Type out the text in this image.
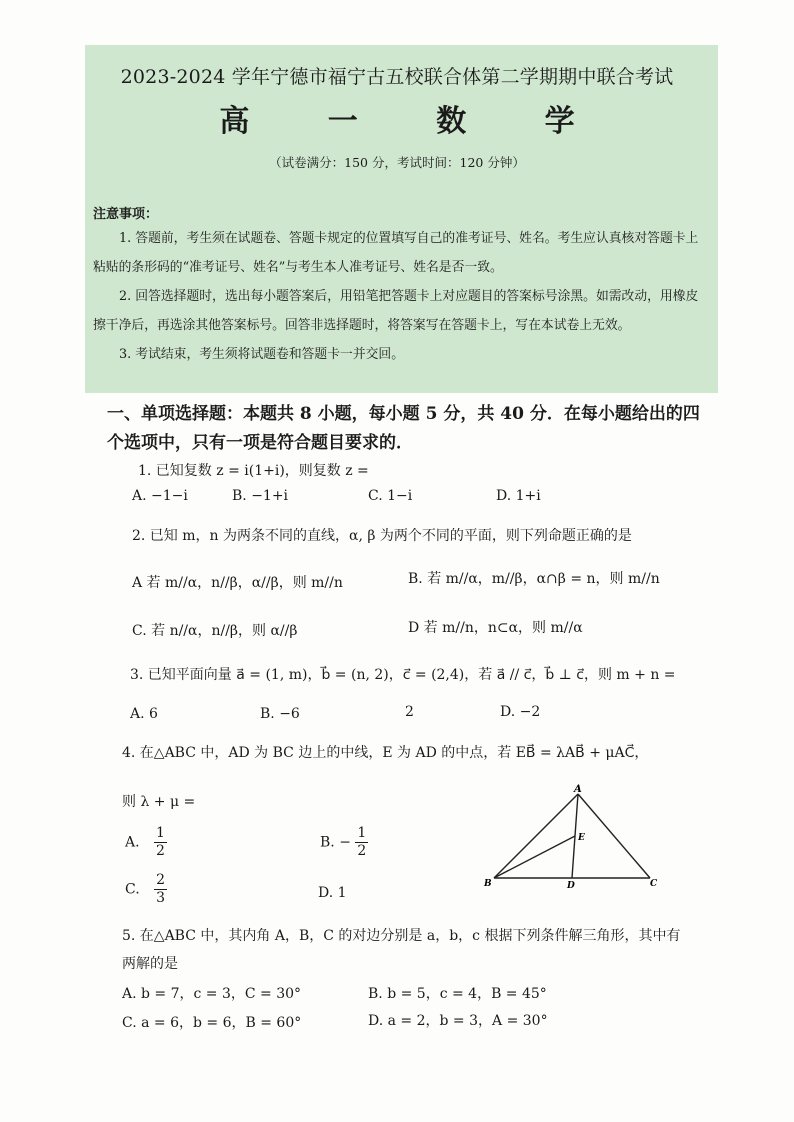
2023-2024 学年宁德市福宁古五校联合体第二学期期中联合考试
高 一 数 学
（试卷满分：150 分，考试时间：120 分钟）
注意事项：
1. 答题前，考生须在试题卷、答题卡规定的位置填写自己的准考证号、姓名。考生应认真核对答题卡上粘贴的条形码的“准考证号、姓名”与考生本人准考证号、姓名是否一致。
2. 回答选择题时，选出每小题答案后，用铅笔把答题卡上对应题目的答案标号涂黑。如需改动，用橡皮擦干净后，再选涂其他答案标号。回答非选择题时，将答案写在答题卡上，写在本试卷上无效。
3. 考试结束，考生须将试题卷和答题卡一并交回。
一、单项选择题：本题共 8 小题，每小题 5 分，共 40 分．在每小题给出的四个选项中，只有一项是符合题目要求的．
1. 已知复数 z = i(1+i)，则复数 z =
A. −1−i	B. −1+i	C. 1−i	D. 1+i
2. 已知 m，n 为两条不同的直线，α, β 为两个不同的平面，则下列命题正确的是
A 若 m//α，n//β，α//β，则 m//n	B. 若 m//α，m//β，α∩β = n，则 m//n
C. 若 n//α，n//β，则 α//β	D 若 m//n，n⊂α，则 m//α
3. 已知平面向量 a⃗ = (1, m)，b⃗ = (n, 2)，c⃗ = (2,4)，若 a⃗ // c⃗，b⃗ ⊥ c⃗，则 m + n =
A. 6	B. −6	2	D. −2
4. 在△ABC 中，AD 为 BC 边上的中线，E 为 AD 的中点，若 EB⃗ = λAB⃗ + μAC⃗，
则 λ + μ =
A. $\frac{1}{2}$	B. − $\frac{1}{2}$
C. $\frac{2}{3}$	D. 1
A
E
B	D	C
5. 在△ABC 中，其内角 A，B，C 的对边分别是 a，b，c 根据下列条件解三角形，其中有两解的是
A. b = 7，c = 3，C = 30°	B. b = 5，c = 4，B = 45°
C. a = 6，b = 6，B = 60°	D. a = 2，b = 3，A = 30°
